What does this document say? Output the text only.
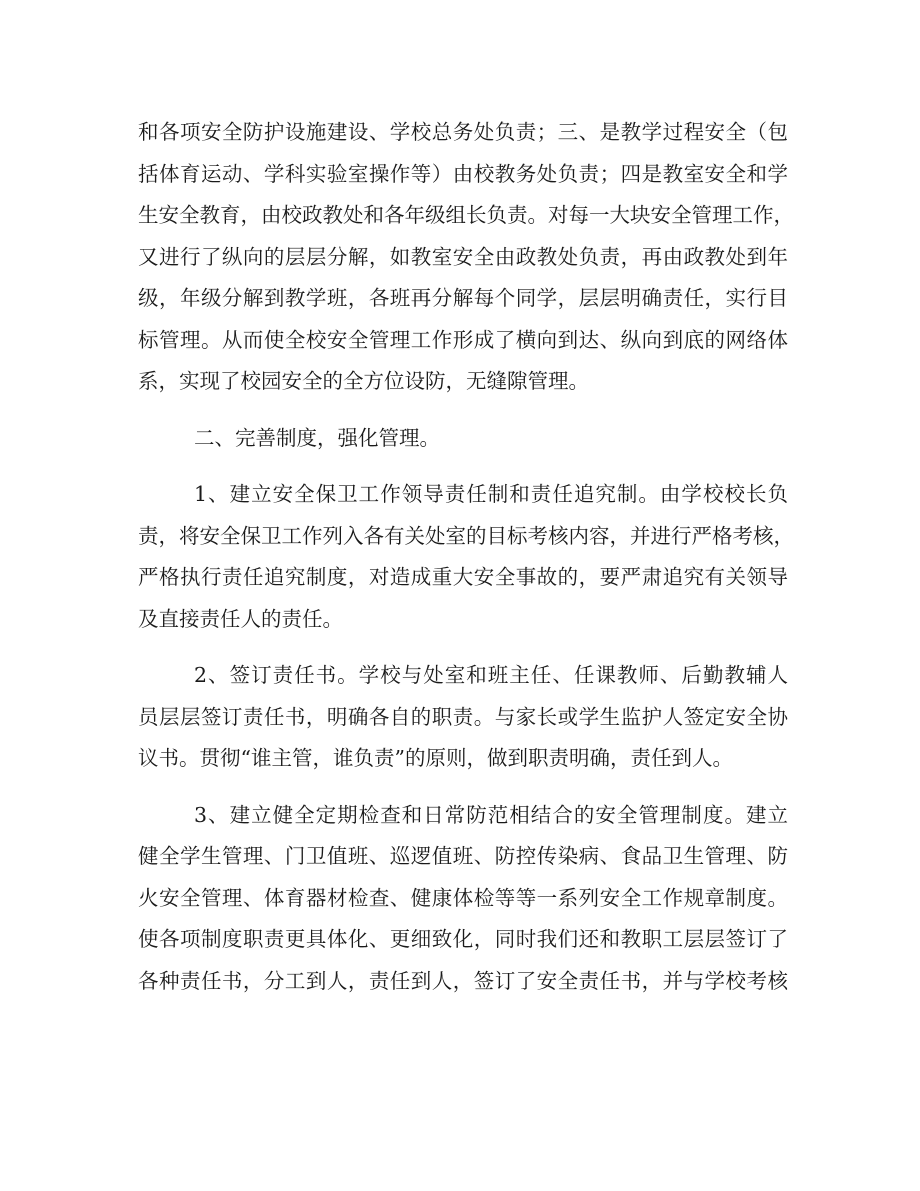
和各项安全防护设施建设、学校总务处负责；三、是教学过程安全（包
括体育运动、学科实验室操作等）由校教务处负责；四是教室安全和学
生安全教育，由校政教处和各年级组长负责。对每一大块安全管理工作，
又进行了纵向的层层分解，如教室安全由政教处负责，再由政教处到年
级，年级分解到教学班，各班再分解每个同学，层层明确责任，实行目
标管理。从而使全校安全管理工作形成了横向到达、纵向到底的网络体
系，实现了校园安全的全方位设防，无缝隙管理。
二、完善制度，强化管理。
1、建立安全保卫工作领导责任制和责任追究制。由学校校长负
责，将安全保卫工作列入各有关处室的目标考核内容，并进行严格考核，
严格执行责任追究制度，对造成重大安全事故的，要严肃追究有关领导
及直接责任人的责任。
2、签订责任书。学校与处室和班主任、任课教师、后勤教辅人
员层层签订责任书，明确各自的职责。与家长或学生监护人签定安全协
议书。贯彻“谁主管，谁负责”的原则，做到职责明确，责任到人。
3、建立健全定期检查和日常防范相结合的安全管理制度。建立
健全学生管理、门卫值班、巡逻值班、防控传染病、食品卫生管理、防
火安全管理、体育器材检查、健康体检等等一系列安全工作规章制度。
使各项制度职责更具体化、更细致化，同时我们还和教职工层层签订了
各种责任书，分工到人，责任到人，签订了安全责任书，并与学校考核
